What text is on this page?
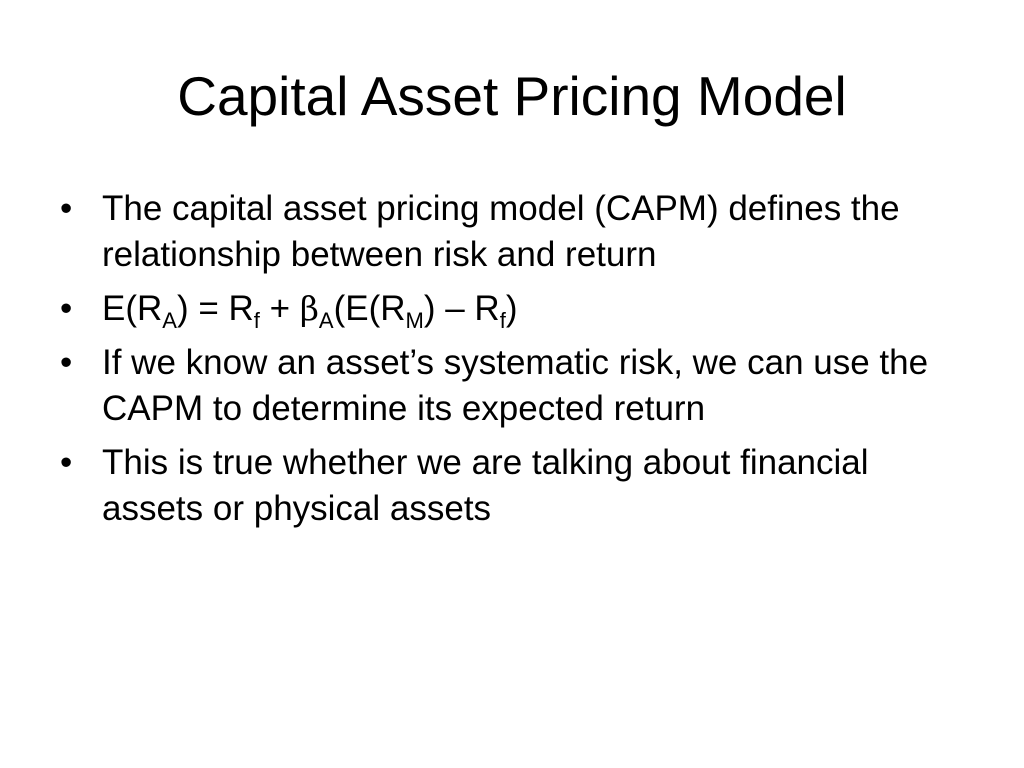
Capital Asset Pricing Model
• The capital asset pricing model (CAPM) defines the relationship between risk and return
• $E(R_A) = R_f + \beta_A(E(R_M) - R_f)$
• If we know an asset’s systematic risk, we can use the CAPM to determine its expected return
• This is true whether we are talking about financial assets or physical assets
